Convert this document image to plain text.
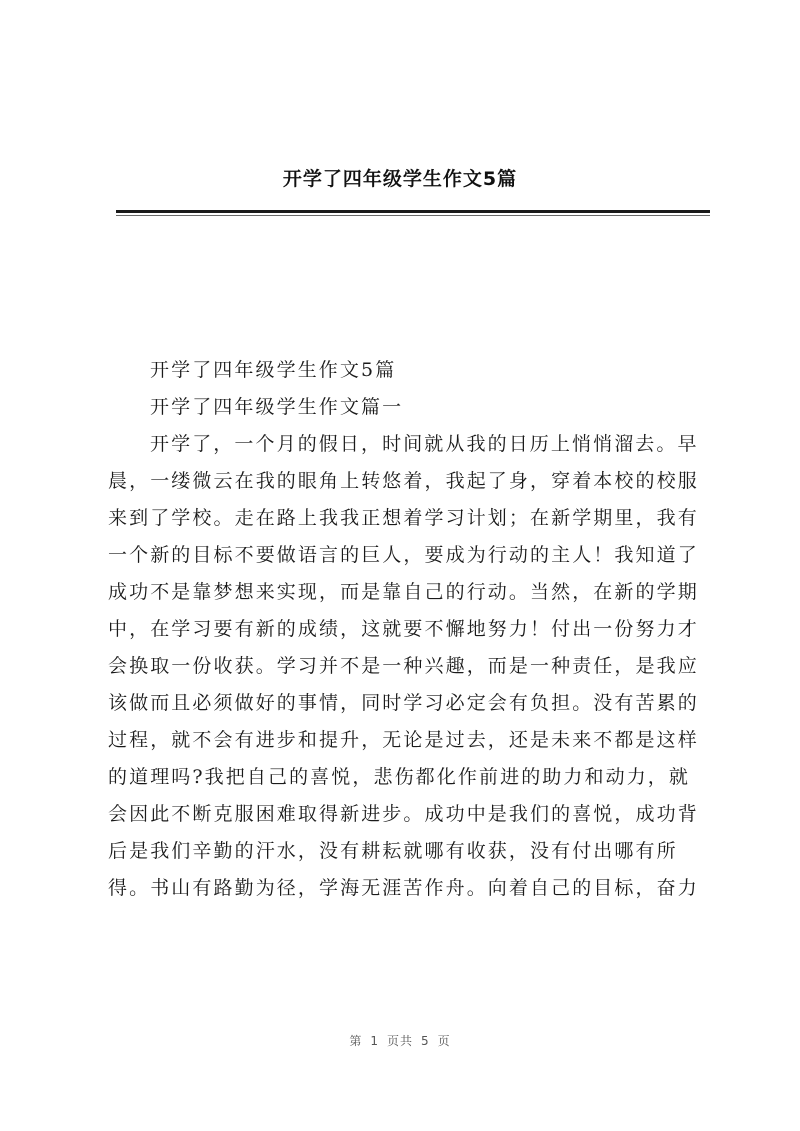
开学了四年级学生作文5篇

开学了四年级学生作文5篇

开学了四年级学生作文篇一

开学了，一个月的假日，时间就从我的日历上悄悄溜去。早
晨，一缕微云在我的眼角上转悠着，我起了身，穿着本校的校服
来到了学校。走在路上我我正想着学习计划；在新学期里，我有
一个新的目标不要做语言的巨人，要成为行动的主人！我知道了
成功不是靠梦想来实现，而是靠自己的行动。当然，在新的学期
中，在学习要有新的成绩，这就要不懈地努力！付出一份努力才
会换取一份收获。学习并不是一种兴趣，而是一种责任，是我应
该做而且必须做好的事情，同时学习必定会有负担。没有苦累的
过程，就不会有进步和提升，无论是过去，还是未来不都是这样
的道理吗?我把自己的喜悦，悲伤都化作前进的助力和动力，就
会因此不断克服困难取得新进步。成功中是我们的喜悦，成功背
后是我们辛勤的汗水，没有耕耘就哪有收获，没有付出哪有所
得。书山有路勤为径，学海无涯苦作舟。向着自己的目标，奋力
第 1 页共 5 页
